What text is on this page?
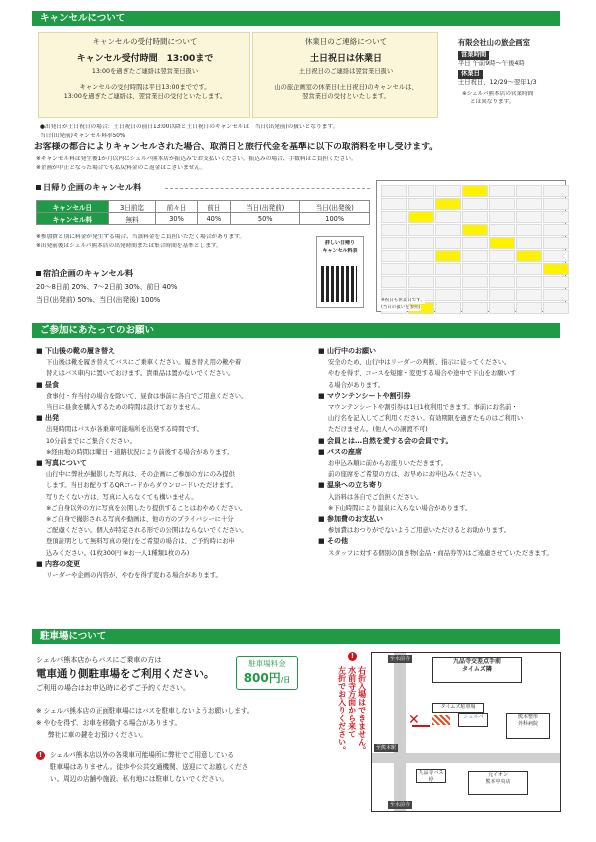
キャンセルについて
キャンセルの受付時間について
キャンセル受付時間　13:00まで
13:00を過ぎたご連絡は翌営業日扱い
キャンセルの受付時間は平日13:00までです。
13:00を過ぎたご連絡は、翌営業日の受付といたします。
休業日のご連絡について
土日祝日は休業日
土日祝日のご連絡は翌営業日扱い
山の旅企画室の休業日(土日祝日)のキャンセルは、
翌営業日の受付といたします。
有限会社山の旅企画室
営業時間
平日 午前9時〜午後4時
休業日
土日祝日、12/29〜翌年1/3
※シェルパ熊本店の営業時間
とは異なります。
●出発日が土日祝日の場合：土日祝日の前日13:00以降と土日祝日のキャンセルは　当日(出発前)の扱いとなります。
当日(出発前)キャンセル料率50%
お客様の都合によりキャンセルされた場合、取消日と旅行代金を基準に以下の取消料を申し受けます。
※キャンセル料は発生後1か月以内にシェルパ熊本店か振込みでお支払いください。振込みの場合、手数料はご負担ください。
※企画が中止となった場合でも払戻料金のご返金はございません。
日帰り企画のキャンセル料
キャンセル日	3日前迄	前々日	前日	当日(出発前)	当日(出発後)
キャンセル料	無料	30%	40%	50%	100%
※参加費と別に料金が発生する場合、当該料金をご負担いただく場合があります。
※出発前後はシェルパ熊本店の出発時間または集合時間を基準とします。
宿泊企画のキャンセル料
20〜8日前 20%、7〜2日前 30%、前日 40%
当日(出発前) 50%、当日(出発後) 100%
詳しい日帰り
キャンセル料表
※祝日も休業日です。
(当日の扱いを参照)
ご参加にあたってのお願い
■ 下山後の靴の履き替え
下山後は靴を履き替えてバスにご乗車ください。履き替え用の靴や着
替えはバス車内に置いておけます。貴重品は置かないでください。
■ 昼食
食事付・弁当付の場合を除いて、昼食は事前に各自でご用意ください。
当日に昼食を購入するための時間は設けておりません。
■ 出発
出発時間はバスが各乗車可能場所を出発する時間です。
10分前までにご集合ください。
※経由地の時間は曜日・道路状況により前後する場合があります。
■ 写真について
山行中に弊社が撮影した写真は、その企画にご参加の方にのみ提供
します。当日お配りするQRコードからダウンロードいただけます。
写りたくない方は、写真に入らなくても構いません。
※ご自身以外の方に写真を公開したり提供することはおやめください。
※ご自身で撮影される写真や動画は、他の方のプライバシーに十分
ご配慮ください。個人が特定される形での公開はならないでください。
登頂証明として無料写真の発行をご希望の場合は、ご予約時にお申
込みください。(1枚300円 ※お一人1種類1枚のみ)
■ 内容の変更
リーダーや企画の内容が、やむを得ず変わる場合があります。
■ 山行中のお願い
安全のため、山行中はリーダーの判断、指示に従ってください。
やむを得ず、コースを短縮・変更する場合や途中で下山をお願いす
る場合があります。
■ マウンテンシートや割引券
マウンテンシートや割引券は1日1枚利用できます。事前にお名前・
山行名を記入してご利用ください。有効期限を過ぎたものはご利用い
ただけません。(他人への譲渡不可)
■ 会員とは…自然を愛する会の会員です。
■ バスの座席
お申込み順に前からお座りいただきます。
前の座席をご希望の方は、お早めにお申込みください。
■ 温泉への立ち寄り
入浴料は各自でご負担ください。
※下山時間により温泉に入らない場合があります。
■ 参加費のお支払い
参加費はおつりがでないようご用意いただけるとお助かります。
■ その他
スタッフに対する個別の頂き物(金品・商品券等)はご遠慮させていただきます。
駐車場について
シェルパ熊本店からバスにご乗車の方は
電車通り側駐車場をご利用ください。
ご利用の場合はお申込時に必ずご予約ください。
駐車場料金
800円/日
※ シェルパ熊本店の正面駐車場にはバスを駐車しないようお願いします。
※ やむを得ず、お車を移動する場合があります。
弊社に車の鍵をお預けください。
! シェルパ熊本店以外の各乗車可能場所に弊社でご用意している
駐車場はありません。徒歩や公共交通機関、送迎にてお越しくださ
い。周辺の店舗や施設、私有地には駐車しないでください。
!
右折入場はできません。
水前寺方面から来て
左折でお入りください。
至水前寺
至熊本駅
至水前寺
九品寺交差点手前
タイムズ隣
タイムズ駐車場
シェルパ
✕	熊本整形
外科病院
九品寺バス停
元イオン
熊本中央店
